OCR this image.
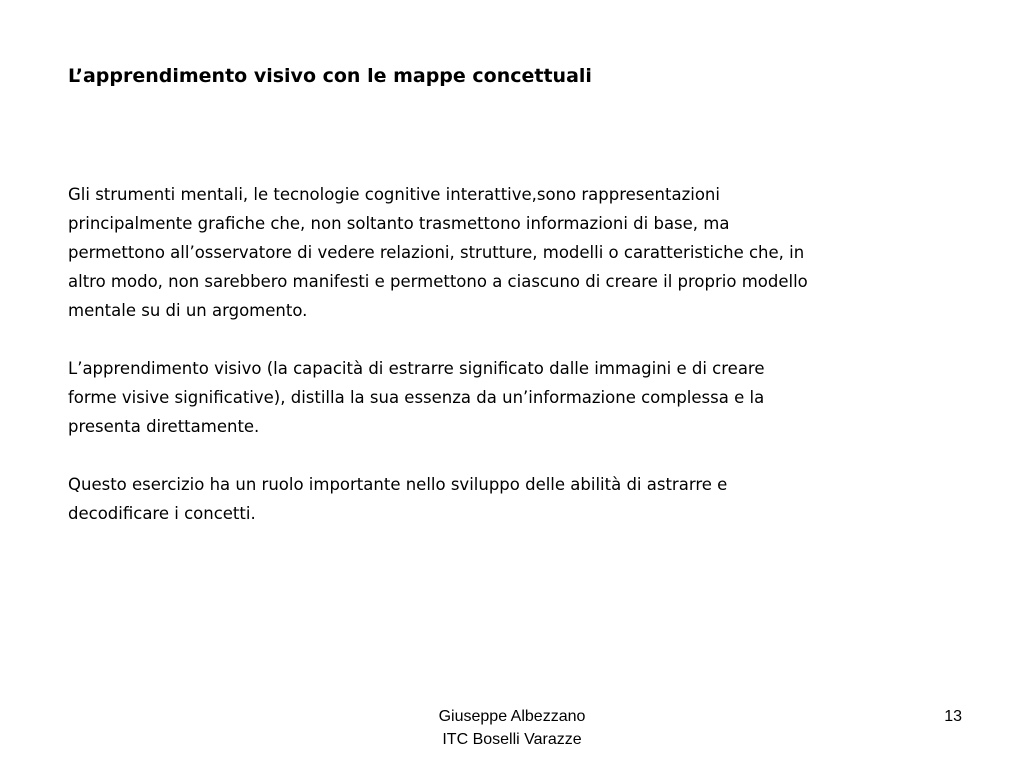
L’apprendimento visivo con le mappe concettuali

Gli strumenti mentali, le tecnologie cognitive interattive,sono rappresentazioni
principalmente grafiche che, non soltanto trasmettono informazioni di base, ma
permettono all’osservatore di vedere relazioni, strutture, modelli o caratteristiche che, in
altro modo, non sarebbero manifesti e permettono a ciascuno di creare il proprio modello
mentale su di un argomento.

L’apprendimento visivo (la capacità di estrarre significato dalle immagini e di creare
forme visive significative), distilla la sua essenza da un’informazione complessa e la
presenta direttamente.

Questo esercizio ha un ruolo importante nello sviluppo delle abilità di astrarre e
decodificare i concetti.

Giuseppe Albezzano
ITC Boselli Varazze
13
